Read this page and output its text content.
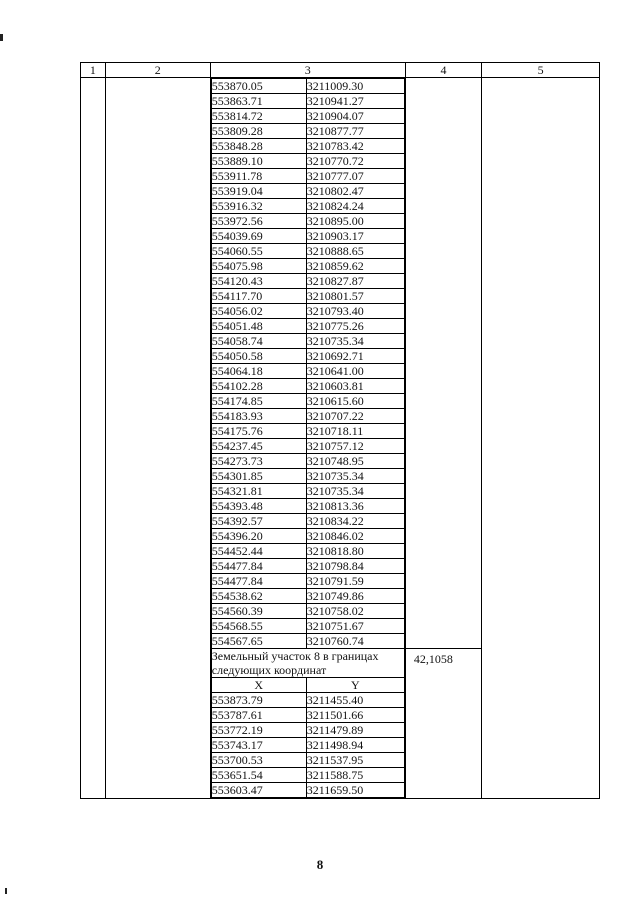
1	2	3	4	5

553870.05	3211009.30
553863.71	3210941.27
553814.72	3210904.07
553809.28	3210877.77
553848.28	3210783.42
553889.10	3210770.72
553911.78	3210777.07
553919.04	3210802.47
553916.32	3210824.24
553972.56	3210895.00
554039.69	3210903.17
554060.55	3210888.65
554075.98	3210859.62
554120.43	3210827.87
554117.70	3210801.57
554056.02	3210793.40
554051.48	3210775.26
554058.74	3210735.34
554050.58	3210692.71
554064.18	3210641.00
554102.28	3210603.81
554174.85	3210615.60
554183.93	3210707.22
554175.76	3210718.11
554237.45	3210757.12
554273.73	3210748.95
554301.85	3210735.34
554321.81	3210735.34
554393.48	3210813.36
554392.57	3210834.22
554396.20	3210846.02
554452.44	3210818.80
554477.84	3210798.84
554477.84	3210791.59
554538.62	3210749.86
554560.39	3210758.02
554568.55	3210751.67
554567.65	3210760.74
Земельный участок 8 в границах следующих координат
X	Y
553873.79	3211455.40
553787.61	3211501.66
553772.19	3211479.89
553743.17	3211498.94
553700.53	3211537.95
553651.54	3211588.75
553603.47	3211659.50

42,1058

8
